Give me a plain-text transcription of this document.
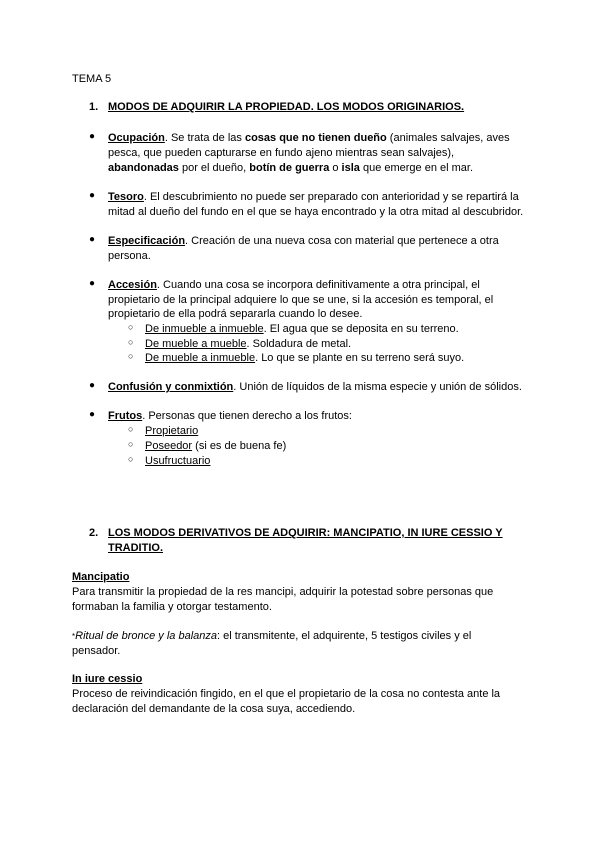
TEMA 5
1. MODOS DE ADQUIRIR LA PROPIEDAD. LOS MODOS ORIGINARIOS.
● Ocupación. Se trata de las cosas que no tienen dueño (animales salvajes, aves
pesca, que pueden capturarse en fundo ajeno mientras sean salvajes),
abandonadas por el dueño, botín de guerra o isla que emerge en el mar.
● Tesoro. El descubrimiento no puede ser preparado con anterioridad y se repartirá la
mitad al dueño del fundo en el que se haya encontrado y la otra mitad al descubridor.
● Especificación. Creación de una nueva cosa con material que pertenece a otra
persona.
● Accesión. Cuando una cosa se incorpora definitivamente a otra principal, el
propietario de la principal adquiere lo que se une, si la accesión es temporal, el
propietario de ella podrá separarla cuando lo desee.
○ De inmueble a inmueble. El agua que se deposita en su terreno.
○ De mueble a mueble. Soldadura de metal.
○ De mueble a inmueble. Lo que se plante en su terreno será suyo.
● Confusión y conmixtión. Unión de líquidos de la misma especie y unión de sólidos.
● Frutos. Personas que tienen derecho a los frutos:
○ Propietario
○ Poseedor (si es de buena fe)
○ Usufructuario
2. LOS MODOS DERIVATIVOS DE ADQUIRIR: MANCIPATIO, IN IURE CESSIO Y
TRADITIO.
Mancipatio
Para transmitir la propiedad de la res mancipi, adquirir la potestad sobre personas que
formaban la familia y otorgar testamento.
*Ritual de bronce y la balanza: el transmitente, el adquirente, 5 testigos civiles y el
pensador.
In iure cessio
Proceso de reivindicación fingido, en el que el propietario de la cosa no contesta ante la
declaración del demandante de la cosa suya, accediendo.
